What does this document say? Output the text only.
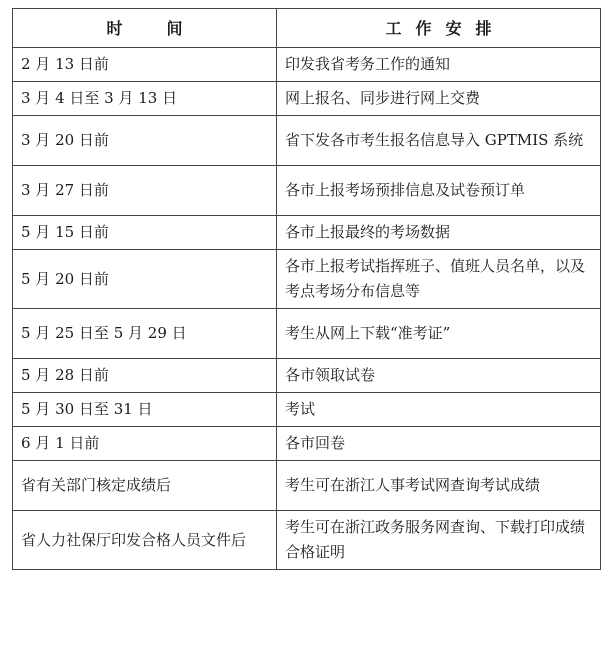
时　间	工作安排
2 月 13 日前	印发我省考务工作的通知
3 月 4 日至 3 月 13 日	网上报名、同步进行网上交费
3 月 20 日前	省下发各市考生报名信息导入 GPTMIS 系统
3 月 27 日前	各市上报考场预排信息及试卷预订单
5 月 15 日前	各市上报最终的考场数据
5 月 20 日前	各市上报考试指挥班子、值班人员名单，以及考点考场分布信息等
5 月 25 日至 5 月 29 日	考生从网上下载“准考证”
5 月 28 日前	各市领取试卷
5 月 30 日至 31 日	考试
6 月 1 日前	各市回卷
省有关部门核定成绩后	考生可在浙江人事考试网查询考试成绩
省人力社保厅印发合格人员文件后	考生可在浙江政务服务网查询、下载打印成绩合格证明
